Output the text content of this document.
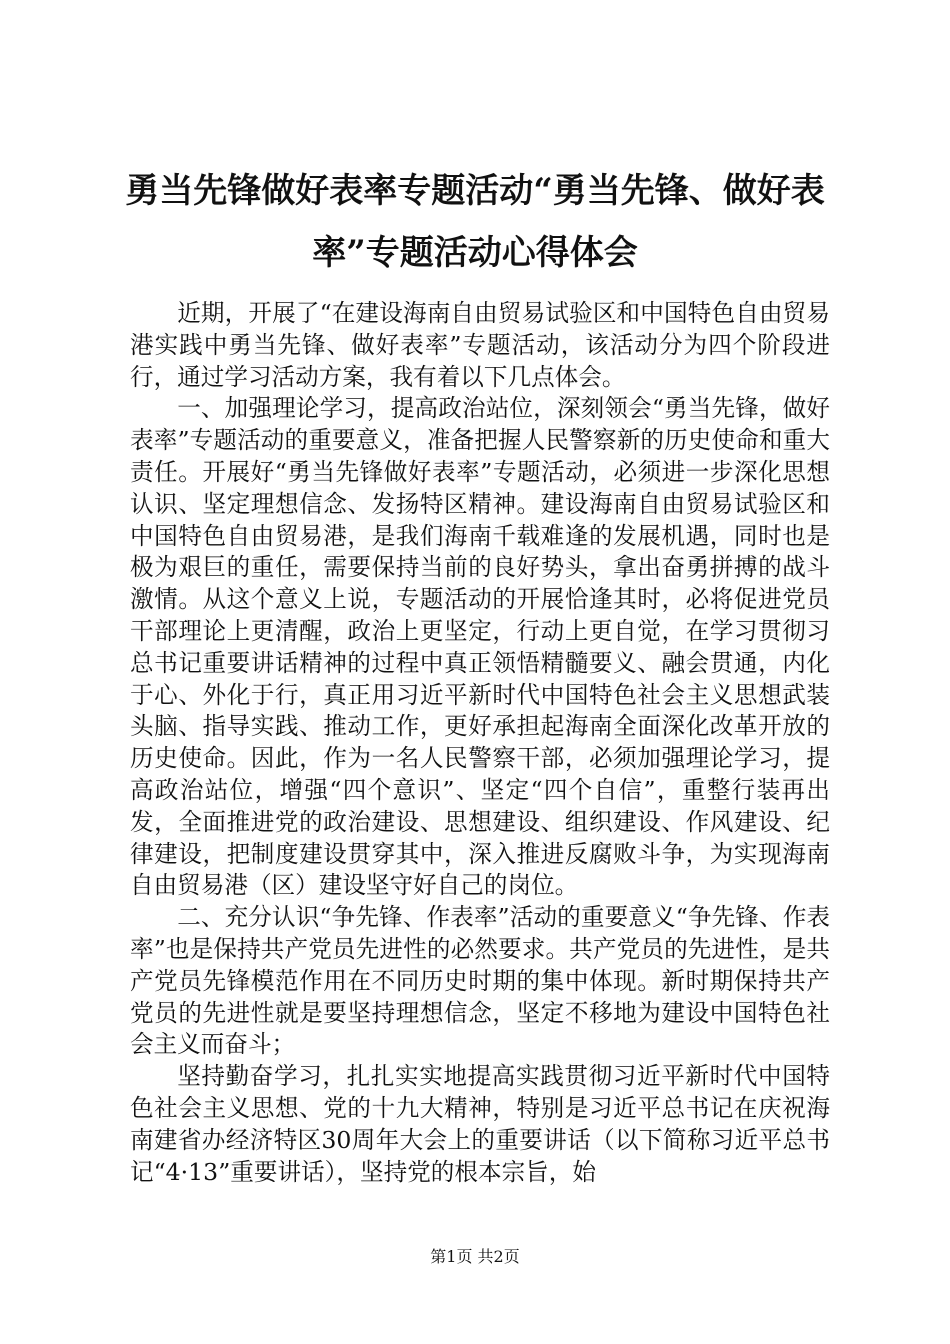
勇当先锋做好表率专题活动“勇当先锋、做好表率”专题活动心得体会

近期，开展了“在建设海南自由贸易试验区和中国特色自由贸易港实践中勇当先锋、做好表率”专题活动，该活动分为四个阶段进行，通过学习活动方案，我有着以下几点体会。

一、加强理论学习，提高政治站位，深刻领会“勇当先锋，做好表率”专题活动的重要意义，准备把握人民警察新的历史使命和重大责任。开展好“勇当先锋做好表率”专题活动，必须进一步深化思想认识、坚定理想信念、发扬特区精神。建设海南自由贸易试验区和中国特色自由贸易港，是我们海南千载难逢的发展机遇，同时也是极为艰巨的重任，需要保持当前的良好势头，拿出奋勇拼搏的战斗激情。从这个意义上说，专题活动的开展恰逢其时，必将促进党员干部理论上更清醒，政治上更坚定，行动上更自觉，在学习贯彻习总书记重要讲话精神的过程中真正领悟精髓要义、融会贯通，内化于心、外化于行，真正用习近平新时代中国特色社会主义思想武装头脑、指导实践、推动工作，更好承担起海南全面深化改革开放的历史使命。因此，作为一名人民警察干部，必须加强理论学习，提高政治站位，增强“四个意识”、坚定“四个自信”，重整行装再出发，全面推进党的政治建设、思想建设、组织建设、作风建设、纪律建设，把制度建设贯穿其中，深入推进反腐败斗争，为实现海南自由贸易港（区）建设坚守好自己的岗位。

二、充分认识“争先锋、作表率”活动的重要意义“争先锋、作表率”也是保持共产党员先进性的必然要求。共产党员的先进性，是共产党员先锋模范作用在不同历史时期的集中体现。新时期保持共产党员的先进性就是要坚持理想信念，坚定不移地为建设中国特色社会主义而奋斗；

坚持勤奋学习，扎扎实实地提高实践贯彻习近平新时代中国特色社会主义思想、党的十九大精神，特别是习近平总书记在庆祝海南建省办经济特区30周年大会上的重要讲话（以下简称习近平总书记“4·13”重要讲话），坚持党的根本宗旨，始

第1页 共2页
